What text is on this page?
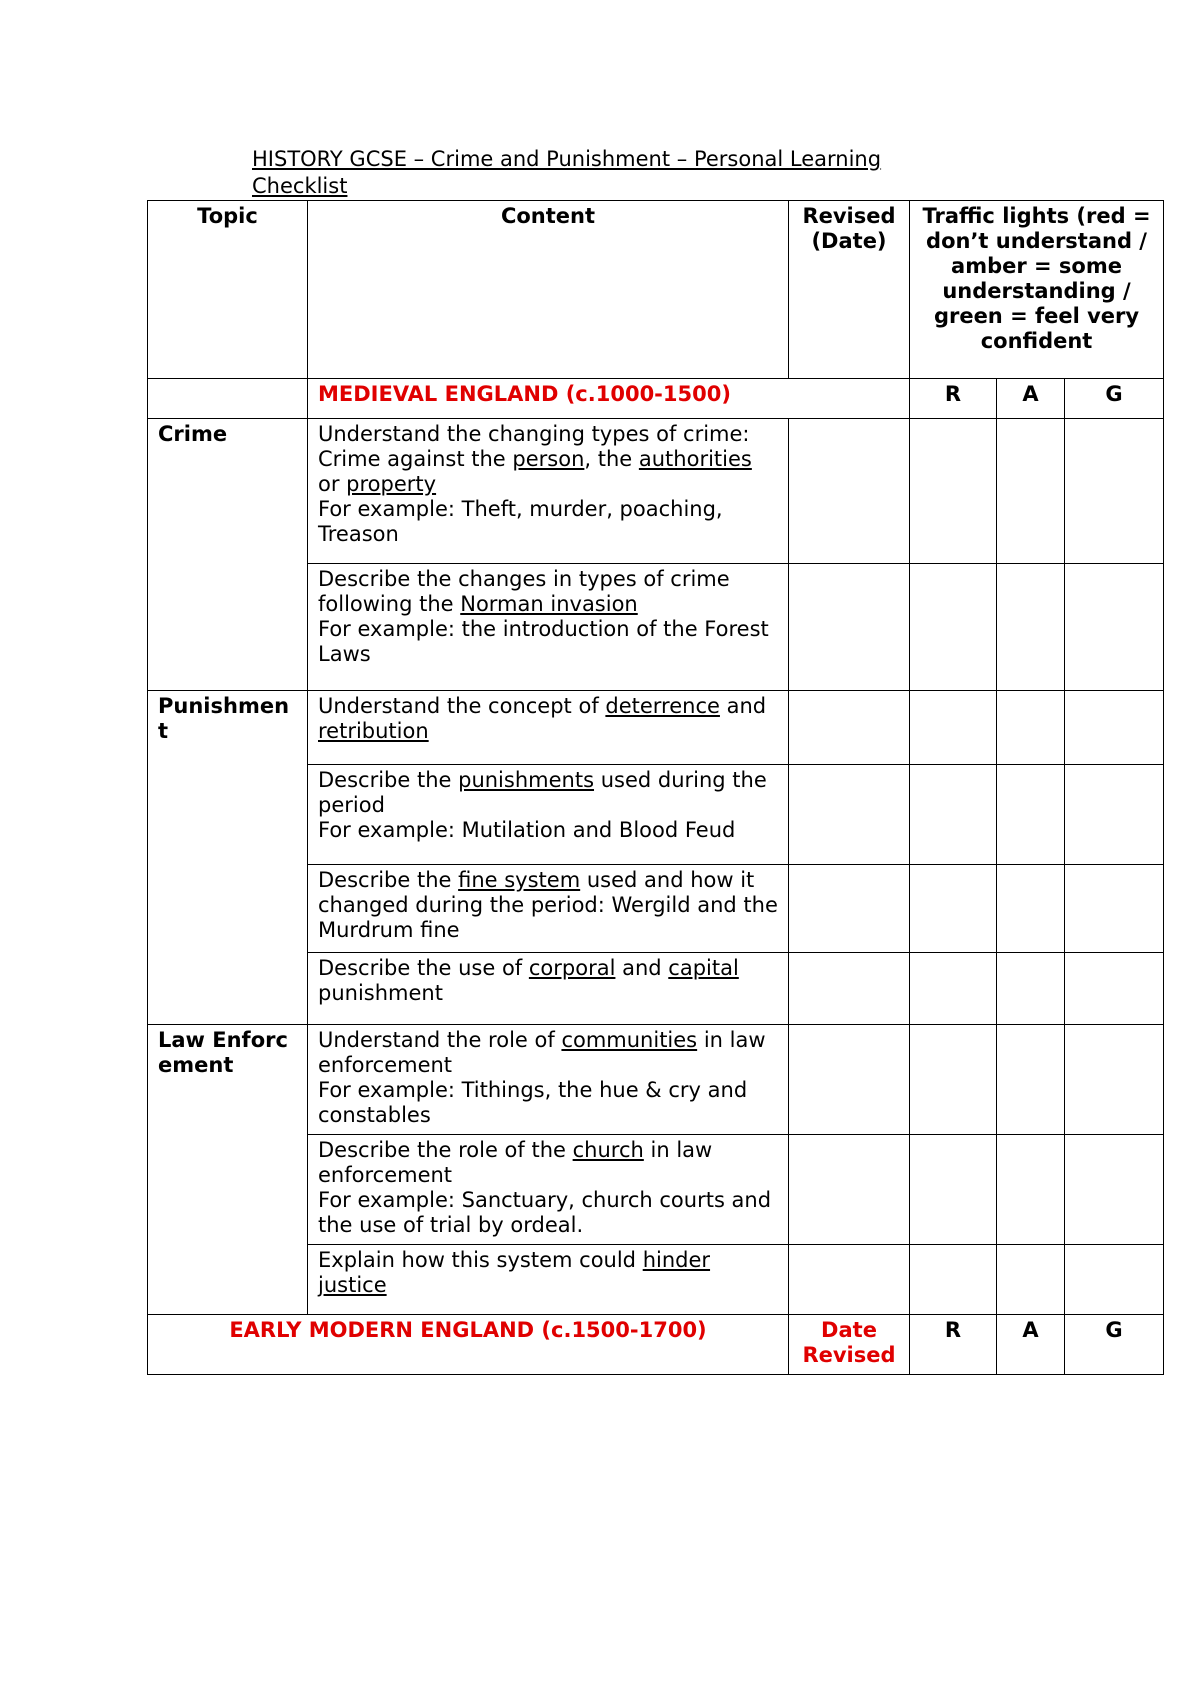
HISTORY GCSE – Crime and Punishment – Personal Learning Checklist
Topic	Content	Revised (Date)	Traffic lights (red = don’t understand / amber = some understanding / green = feel very confident		
	MEDIEVAL ENGLAND (c.1000-1500)		R	A	G
Crime	Understand the changing types of crime: Crime against the person, the authorities or property
For example: Theft, murder, poaching, Treason				
	Describe the changes in types of crime following the Norman invasion
For example: the introduction of the Forest Laws				
Punishment	Understand the concept of deterrence and retribution				
	Describe the punishments used during the period
For example: Mutilation and Blood Feud				
	Describe the fine system used and how it changed during the period: Wergild and the Murdrum fine				
	Describe the use of corporal and capital punishment				
Law Enforcement	Understand the role of communities in law enforcement
For example: Tithings, the hue & cry and constables				
	Describe the role of the church in law enforcement
For example: Sanctuary, church courts and the use of trial by ordeal.				
	Explain how this system could hinder justice				
EARLY MODERN ENGLAND (c.1500-1700)		Date Revised	R	A	G
